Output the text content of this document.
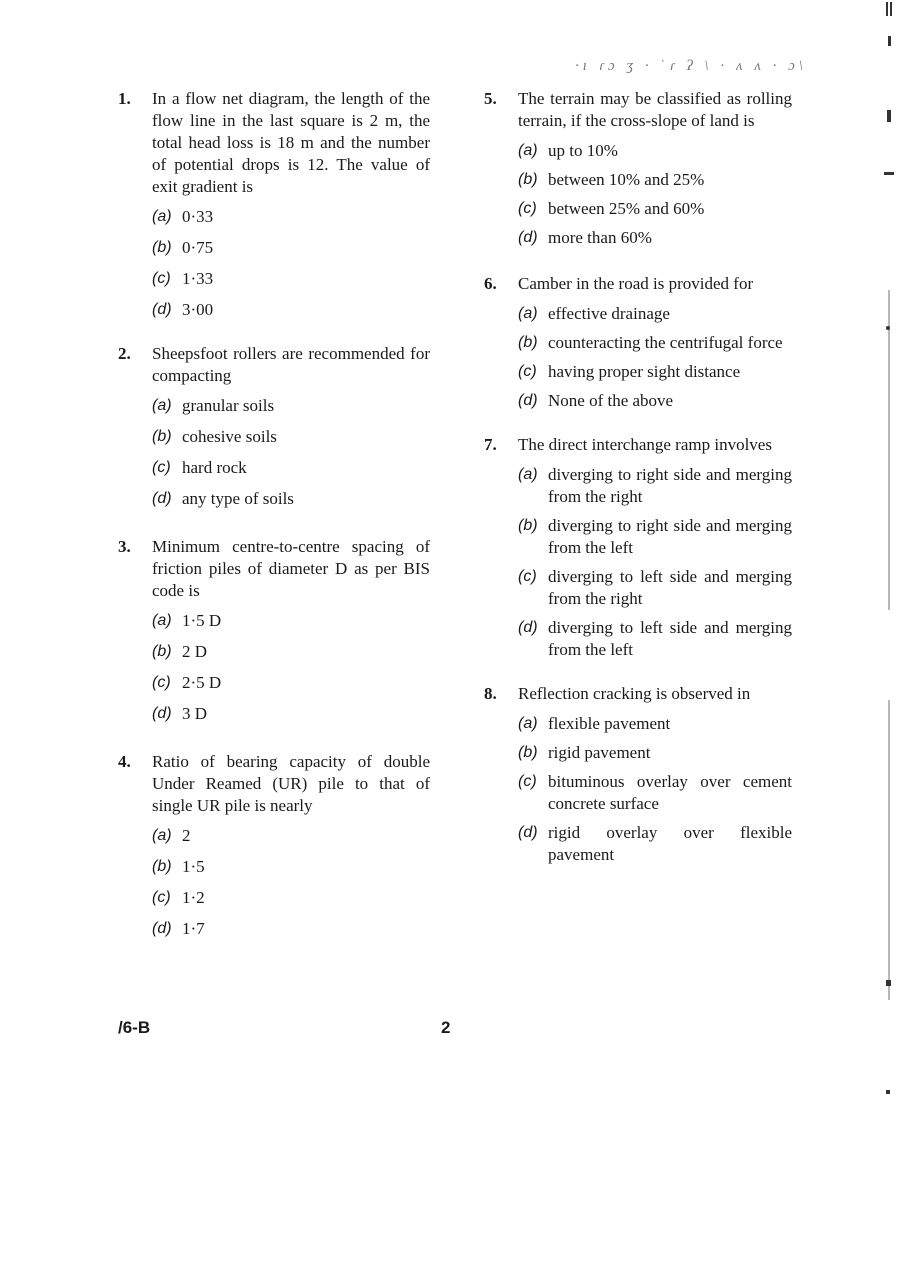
·ı ɾɔ ʒ · ˈɾ ʔ \ · ʌ ʌ · ɔ\
1.	In a flow net diagram, the length of the flow line in the last square is 2 m, the total head loss is 18 m and the number of potential drops is 12. The value of exit gradient is
(a) 0·33
(b) 0·75
(c) 1·33
(d) 3·00
2.	Sheepsfoot rollers are recommended for compacting
(a) granular soils
(b) cohesive soils
(c) hard rock
(d) any type of soils
3.	Minimum centre-to-centre spacing of friction piles of diameter D as per BIS code is
(a) 1·5 D
(b) 2 D
(c) 2·5 D
(d) 3 D
4.	Ratio of bearing capacity of double Under Reamed (UR) pile to that of single UR pile is nearly
(a) 2
(b) 1·5
(c) 1·2
(d) 1·7
5.	The terrain may be classified as rolling terrain, if the cross-slope of land is
(a) up to 10%
(b) between 10% and 25%
(c) between 25% and 60%
(d) more than 60%
6.	Camber in the road is provided for
(a) effective drainage
(b) counteracting the centrifugal force
(c) having proper sight distance
(d) None of the above
7.	The direct interchange ramp involves
(a) diverging to right side and merging from the right
(b) diverging to right side and merging from the left
(c) diverging to left side and merging from the right
(d) diverging to left side and merging from the left
8.	Reflection cracking is observed in
(a) flexible pavement
(b) rigid pavement
(c) bituminous overlay over cement concrete surface
(d) rigid overlay over flexible pavement
/6-B	2
